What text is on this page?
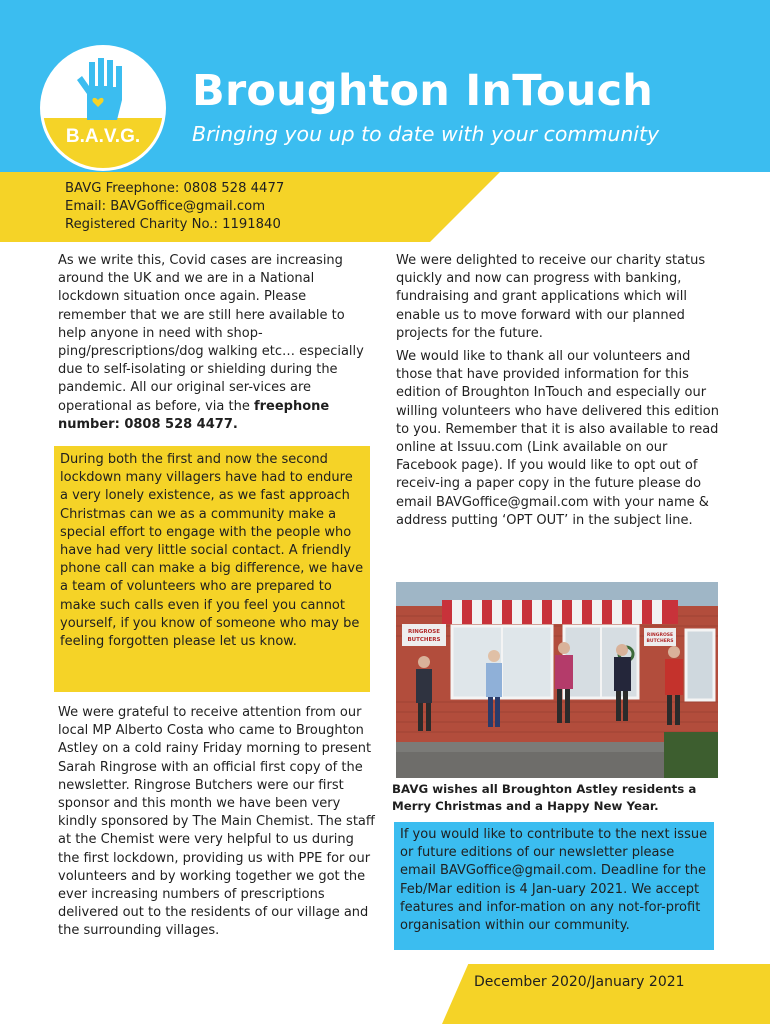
B.A.V.G.
Broughton InTouch

Bringing you up to date with your community

BAVG Freephone: 0808 528 4477
Email: BAVGoffice@gmail.com
Registered Charity No.: 1191840

As we write this, Covid cases are increasing around the UK and we are in a National lockdown situation once again. Please remember that we are still here available to help anyone in need with shop-ping/prescriptions/dog walking etc… especially due to self-isolating or shielding during the pandemic. All our original ser-vices are operational as before, via the freephone number: 0808 528 4477.

During both the first and now the second lockdown many villagers have had to endure a very lonely existence, as we fast approach Christmas can we as a community make a special effort to engage with the people who have had very little social contact. A friendly phone call can make a big difference, we have a team of volunteers who are prepared to make such calls even if you feel you cannot yourself, if you know of someone who may be feeling forgotten please let us know.

We were grateful to receive attention from our local MP Alberto Costa who came to Broughton Astley on a cold rainy Friday morning to present Sarah Ringrose with an official first copy of the newsletter. Ringrose Butchers were our first sponsor and this month we have been very kindly sponsored by The Main Chemist. The staff at the Chemist were very helpful to us during the first lockdown, providing us with PPE for our volunteers and by working together we got the ever increasing numbers of prescriptions delivered out to the residents of our village and the surrounding villages.

We were delighted to receive our charity status quickly and now can progress with banking, fundraising and grant applications which will enable us to move forward with our planned projects for the future.

We would like to thank all our volunteers and those that have provided information for this edition of Broughton InTouch and especially our willing volunteers who have delivered this edition to you. Remember that it is also available to read online at Issuu.com (Link available on our Facebook page). If you would like to opt out of receiv-ing a paper copy in the future please do email BAVGoffice@gmail.com with your name & address putting ‘OPT OUT’ in the subject line.

RINGROSE
BUTCHERS
RINGROSE
BUTCHERS

BAVG wishes all Broughton Astley residents a Merry Christmas and a Happy New Year.

If you would like to contribute to the next issue or future editions of our newsletter please email BAVGoffice@gmail.com. Deadline for the Feb/Mar edition is 4 Jan-uary 2021. We accept features and infor-mation on any not-for-profit organisation within our community.

December 2020/January 2021
